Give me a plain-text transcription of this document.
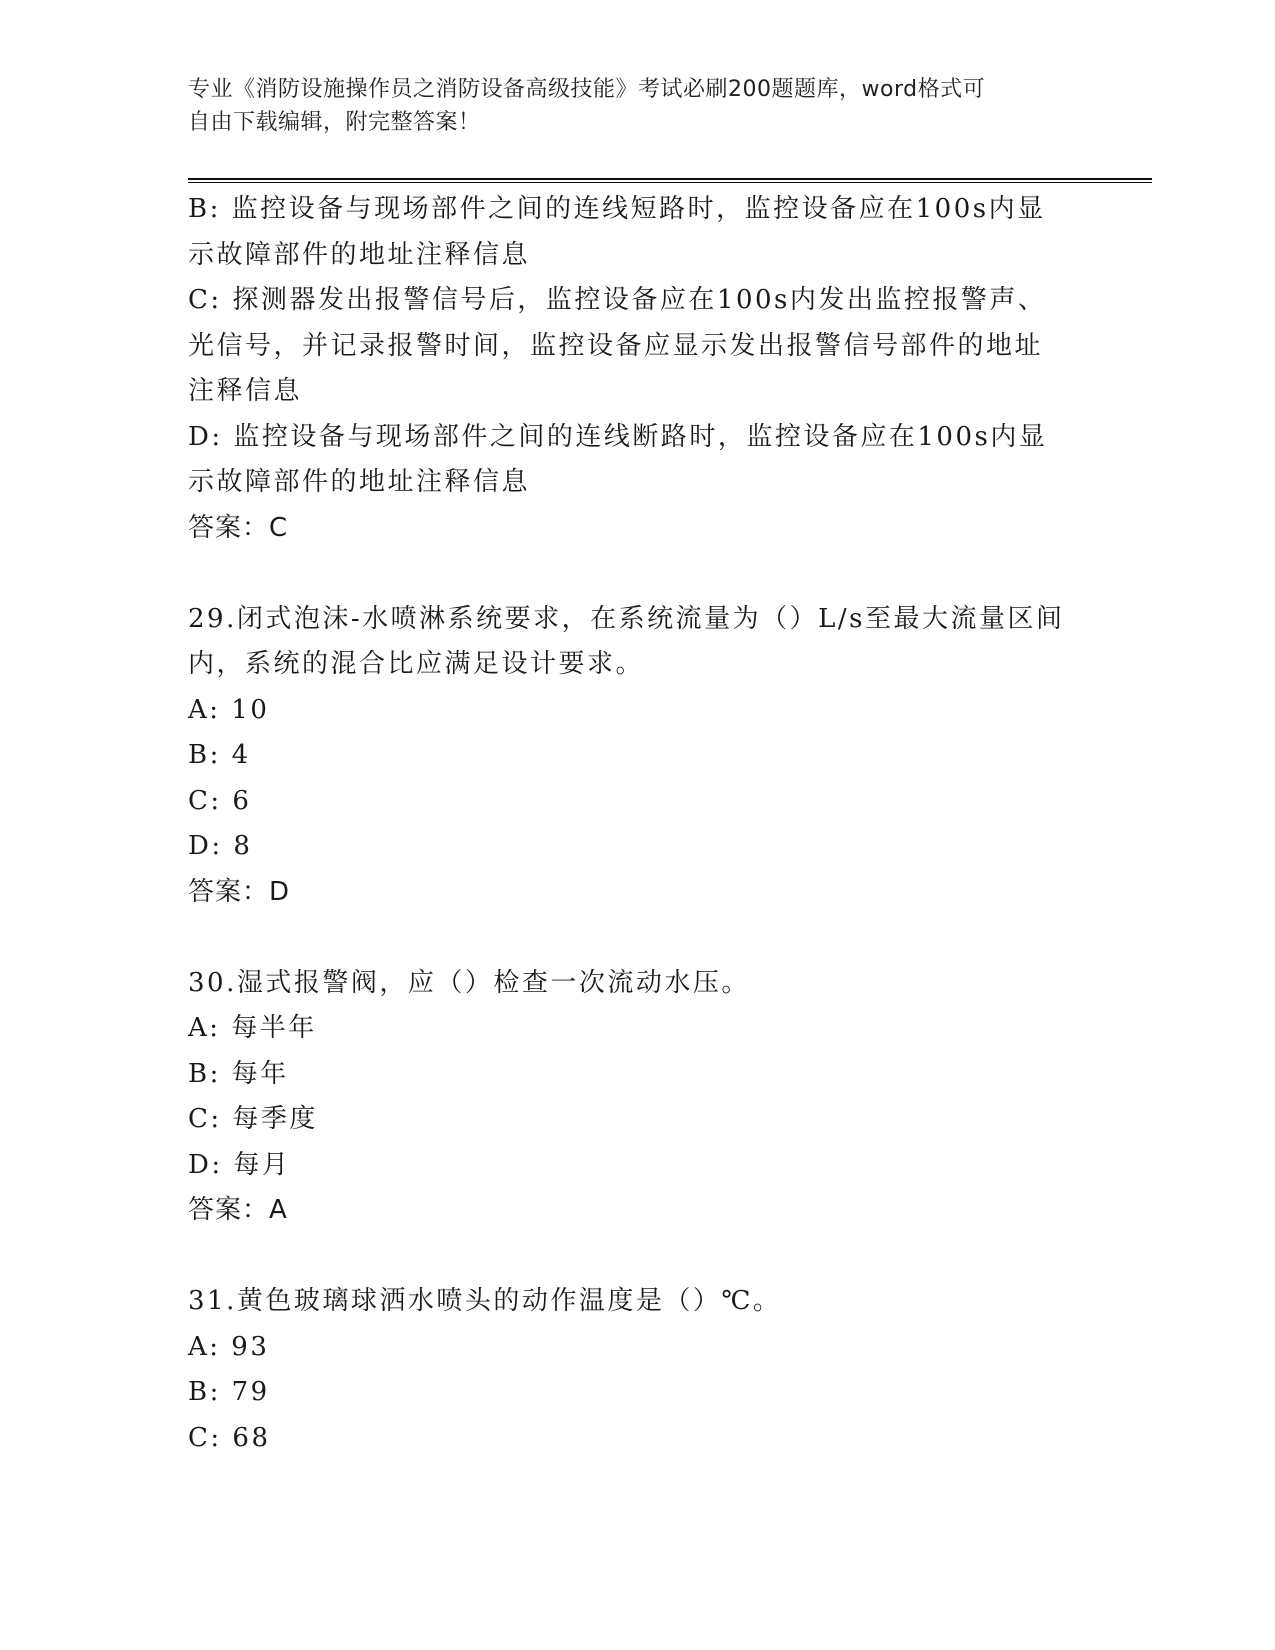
专业《消防设施操作员之消防设备高级技能》考试必刷200题题库，word格式可
自由下载编辑，附完整答案！

B: 监控设备与现场部件之间的连线短路时，监控设备应在100s内显

示故障部件的地址注释信息

C: 探测器发出报警信号后，监控设备应在100s内发出监控报警声、

光信号，并记录报警时间，监控设备应显示发出报警信号部件的地址

注释信息

D: 监控设备与现场部件之间的连线断路时，监控设备应在100s内显

示故障部件的地址注释信息

答案：C

29.闭式泡沫-水喷淋系统要求，在系统流量为（）L/s至最大流量区间

内，系统的混合比应满足设计要求。

A: 10

B: 4

C: 6

D: 8

答案：D

30.湿式报警阀，应（）检查一次流动水压。

A: 每半年

B: 每年

C: 每季度

D: 每月

答案：A

31.黄色玻璃球洒水喷头的动作温度是（）℃。

A: 93

B: 79

C: 68
